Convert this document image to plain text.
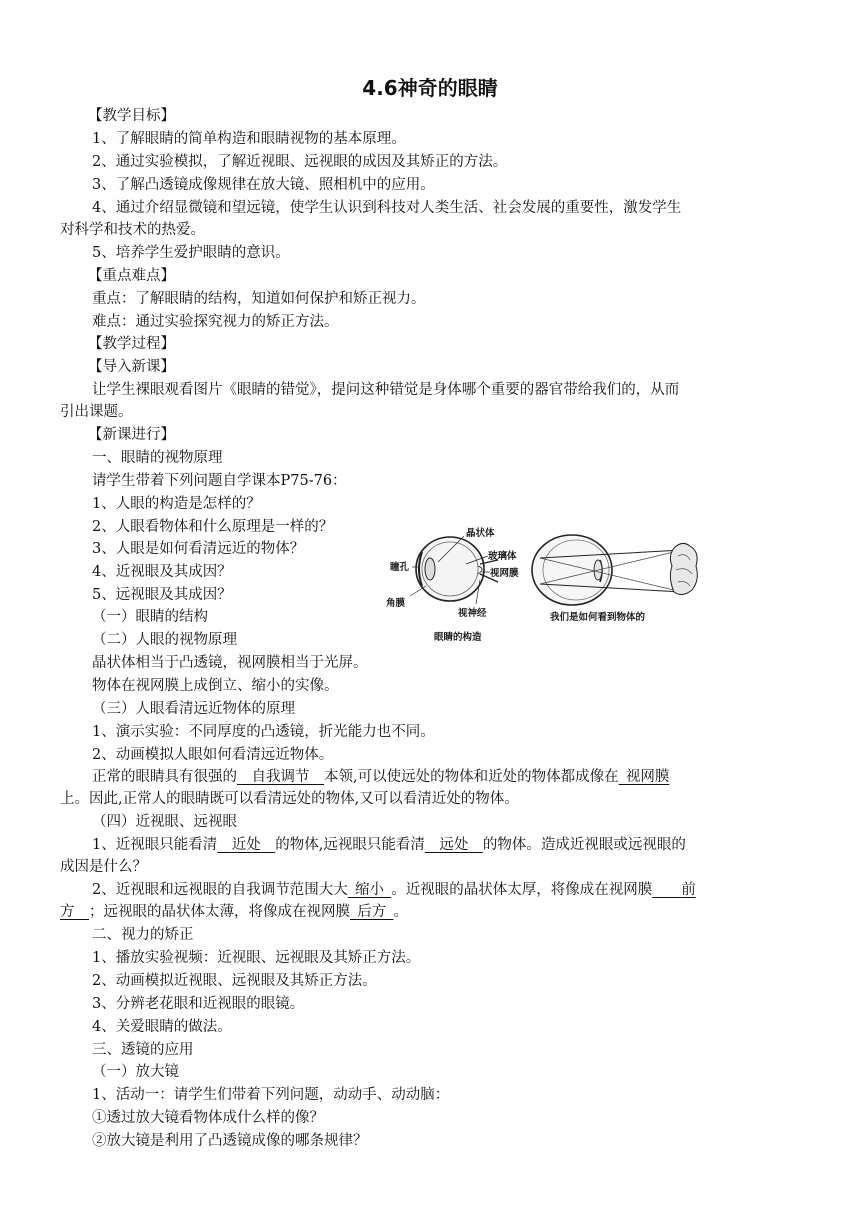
4.6神奇的眼睛
【教学目标】
1、了解眼睛的简单构造和眼睛视物的基本原理。
2、通过实验模拟，了解近视眼、远视眼的成因及其矫正的方法。
3、了解凸透镜成像规律在放大镜、照相机中的应用。
4、通过介绍显微镜和望远镜，使学生认识到科技对人类生活、社会发展的重要性，激发学生
对科学和技术的热爱。
5、培养学生爱护眼睛的意识。
【重点难点】
重点：了解眼睛的结构，知道如何保护和矫正视力。
难点：通过实验探究视力的矫正方法。
【教学过程】
【导入新课】
让学生裸眼观看图片《眼睛的错觉》，提问这种错觉是身体哪个重要的器官带给我们的，从而
引出课题。
【新课进行】
一、眼睛的视物原理
请学生带着下列问题自学课本P75-76：
1、人眼的构造是怎样的？
2、人眼看物体和什么原理是一样的？
3、人眼是如何看清远近的物体？
4、近视眼及其成因？
5、远视眼及其成因？
（一）眼睛的结构
（二）人眼的视物原理
晶状体相当于凸透镜，视网膜相当于光屏。
物体在视网膜上成倒立、缩小的实像。
（三）人眼看清远近物体的原理
1、演示实验：不同厚度的凸透镜，折光能力也不同。
2、动画模拟人眼如何看清远近物体。
正常的眼睛具有很强的  自我调节  本领,可以使远处的物体和近处的物体都成像在  视网膜
上。因此,正常人的眼睛既可以看清远处的物体,又可以看清近处的物体。
（四）近视眼、远视眼
1、近视眼只能看清  近处  的物体,远视眼只能看清  远处  的物体。造成近视眼或远视眼的
成因是什么？
2、近视眼和远视眼的自我调节范围大大  缩小  。近视眼的晶状体太厚，将像成在视网膜   前
方  ；远视眼的晶状体太薄，将像成在视网膜  后方  。
二、视力的矫正
1、播放实验视频：近视眼、远视眼及其矫正方法。
2、动画模拟近视眼、远视眼及其矫正方法。
3、分辨老花眼和近视眼的眼镜。
4、关爱眼睛的做法。
三、透镜的应用
（一）放大镜
1、活动一：请学生们带着下列问题，动动手、动动脑：
①透过放大镜看物体成什么样的像？
②放大镜是利用了凸透镜成像的哪条规律？
晶状体
玻璃体
瞳孔
视网膜
角膜
视神经
眼睛的构造
我们是如何看到物体的
